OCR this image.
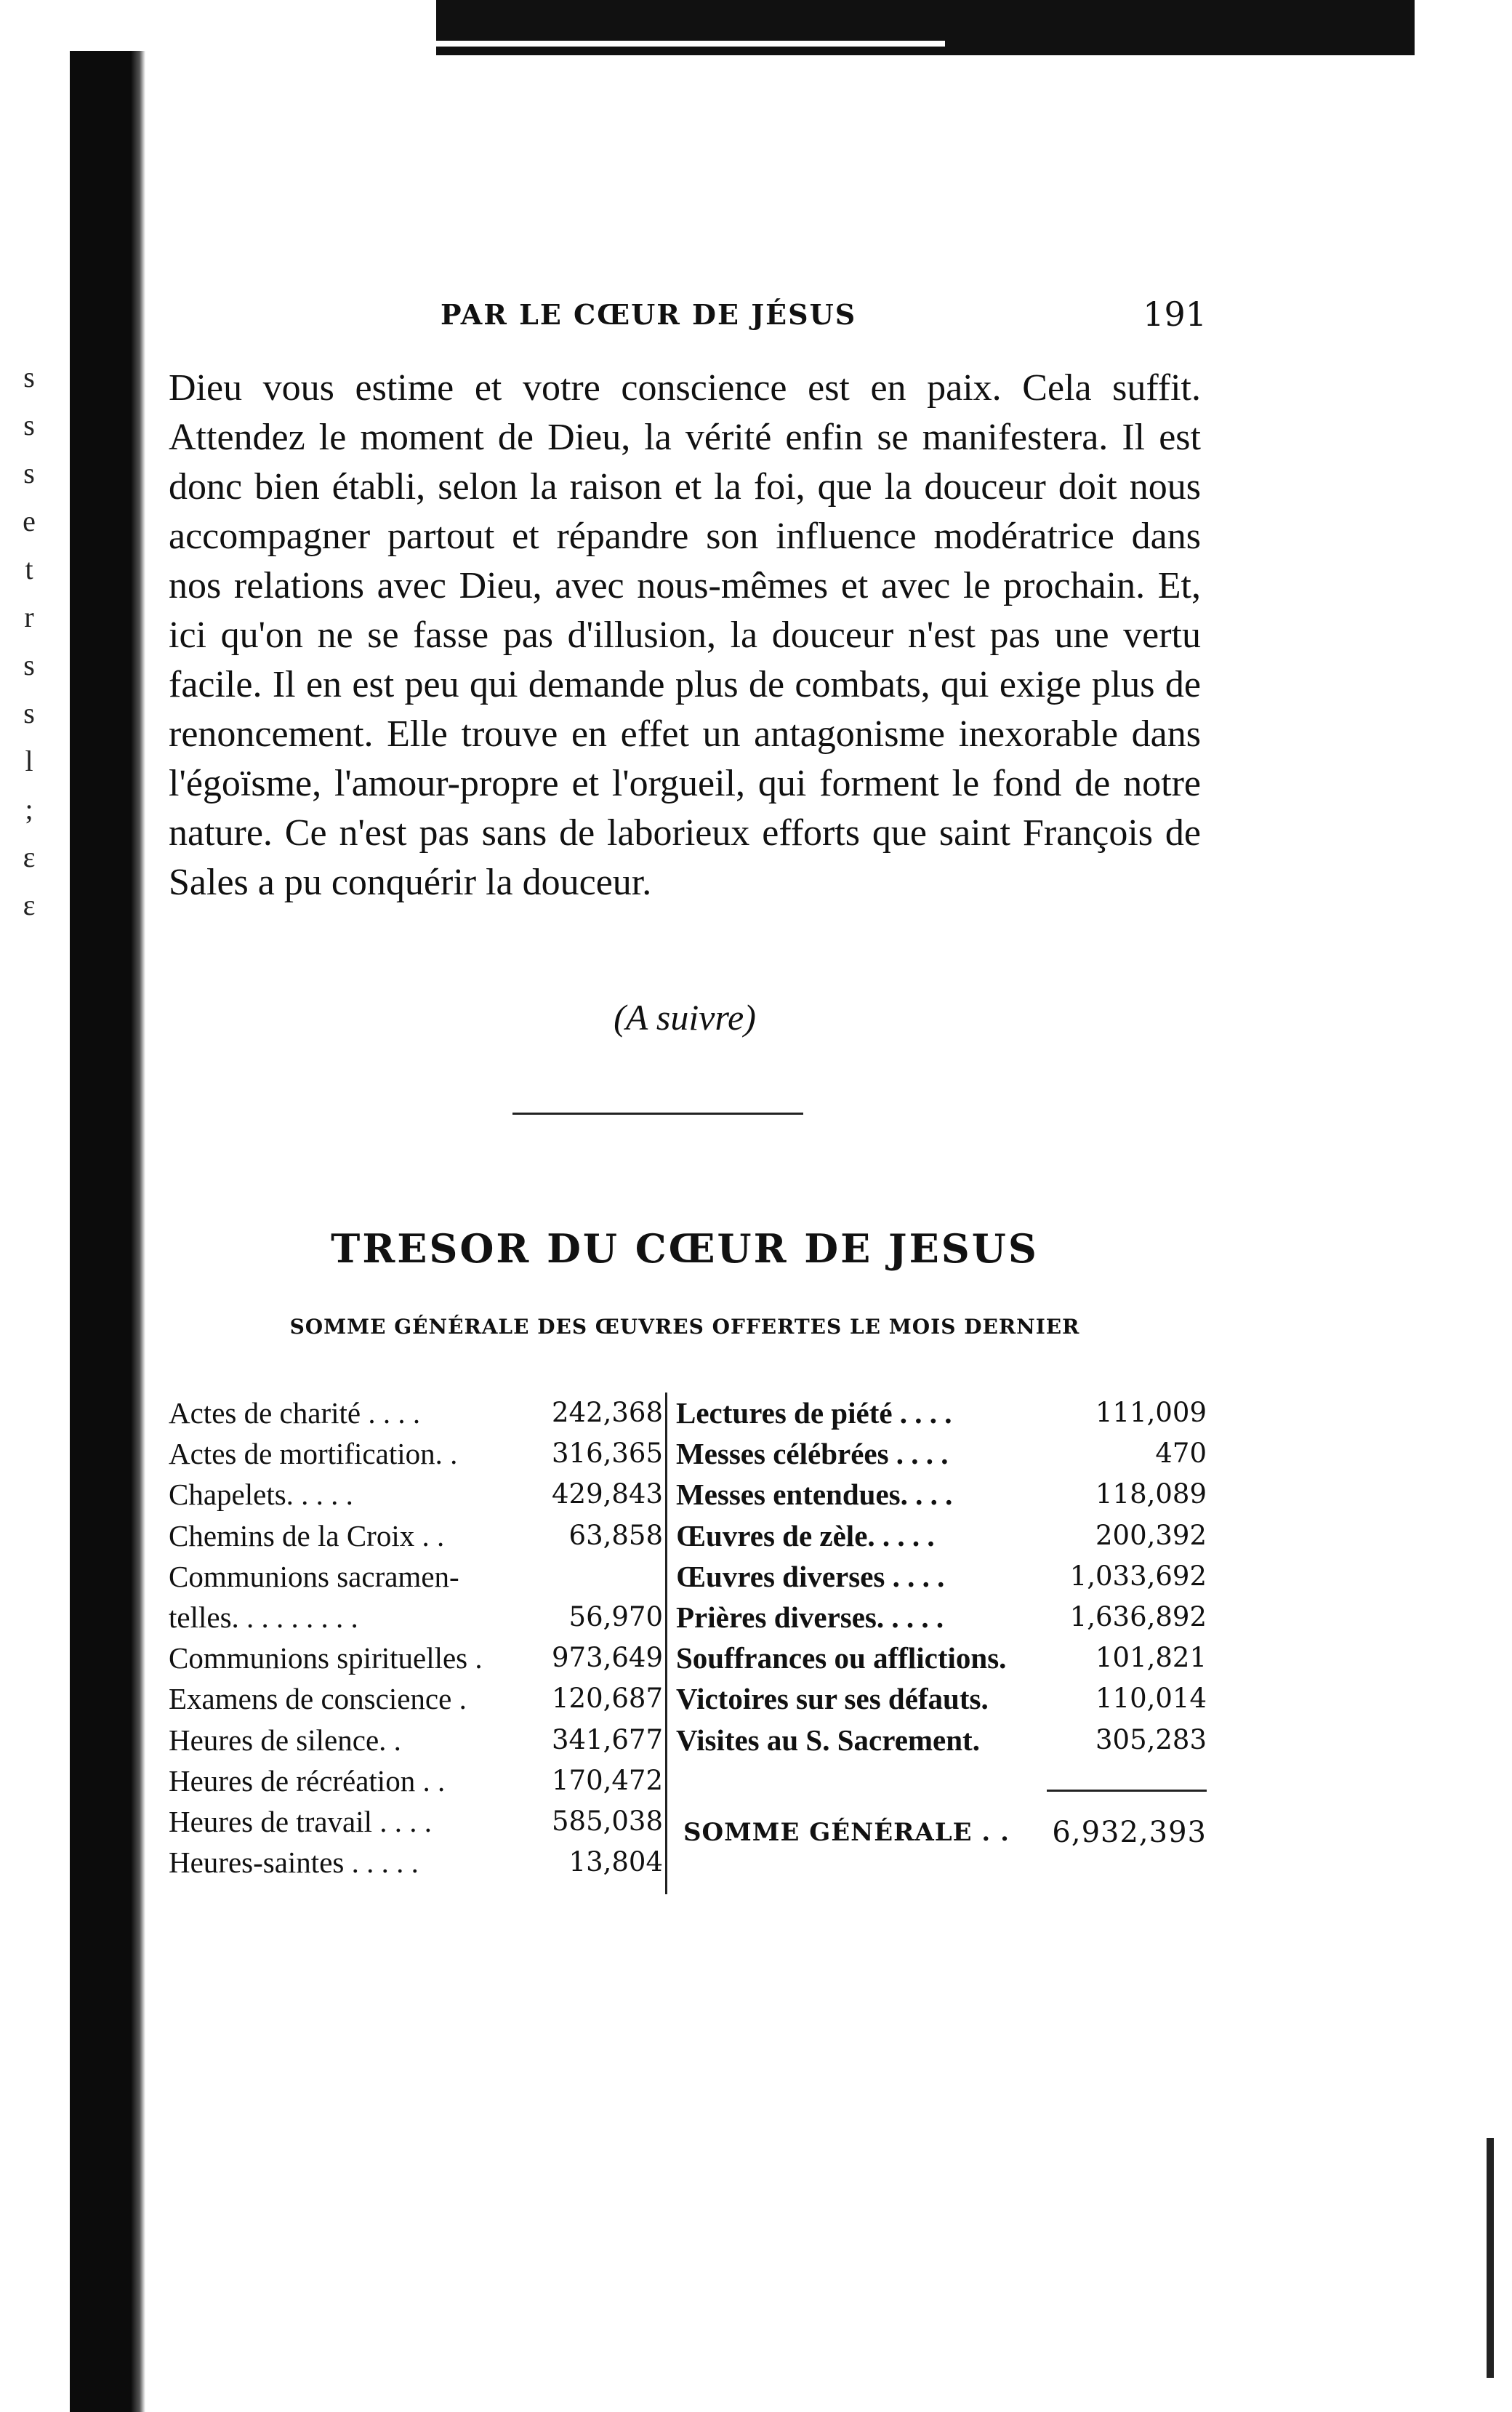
s
s
s
e
t
r
s
s
l
;
ɛ
ɛ
PAR LE CŒUR DE JÉSUS	191
Dieu vous estime et votre conscience est en paix. Cela suffit. Attendez le moment de Dieu, la vérité enfin se manifestera. Il est donc bien établi, selon la raison et la foi, que la douceur doit nous accompagner partout et répandre son influence modératrice dans nos relations avec Dieu, avec nous-mêmes et avec le prochain. Et, ici qu'on ne se fasse pas d'illusion, la douceur n'est pas une vertu facile. Il en est peu qui demande plus de combats, qui exige plus de renoncement. Elle trouve en effet un antagonisme inexorable dans l'égoïsme, l'amour-propre et l'orgueil, qui forment le fond de notre nature. Ce n'est pas sans de laborieux efforts que saint François de Sales a pu conquérir la douceur.
(A suivre)
TRESOR DU CŒUR DE JESUS
SOMME GÉNÉRALE DES ŒUVRES OFFERTES LE MOIS DERNIER
Actes de charité . . . .	242,368
Actes de mortification. .	316,365
Chapelets. . . . .	429,843
Chemins de la Croix . .	63,858
Communions sacramen-
telles. . . . . . . . .	56,970
Communions spirituelles .	973,649
Examens de conscience .	120,687
Heures de silence. .	341,677
Heures de récréation . .	170,472
Heures de travail . . . .	585,038
Heures-saintes . . . . .	13,804
Lectures de piété . . . .	111,009
Messes célébrées . . . .	470
Messes entendues. . . .	118,089
Œuvres de zèle. . . . .	200,392
Œuvres diverses . . . .	1,033,692
Prières diverses. . . . .	1,636,892
Souffrances ou afflictions.	101,821
Victoires sur ses défauts.	110,014
Visites au S. Sacrement.	305,283
SOMME GÉNÉRALE . . 6,932,393
